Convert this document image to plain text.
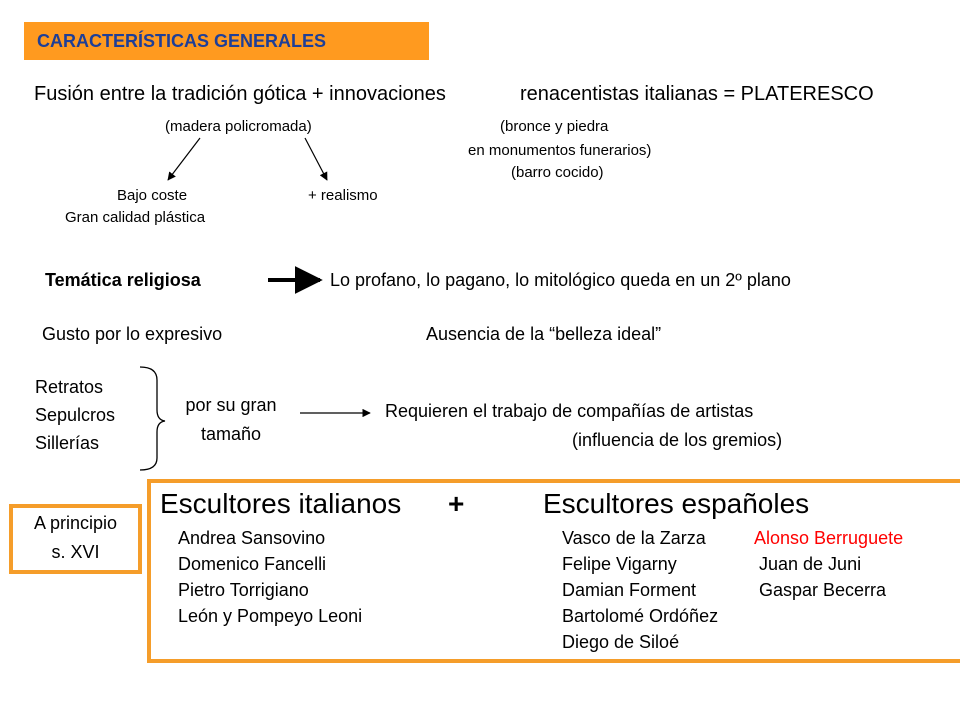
CARACTERÍSTICAS GENERALES
Fusión entre la tradición gótica + innovaciones	renacentistas italianas = PLATERESCO
(madera policromada)	(bronce y piedra
en monumentos funerarios)
(barro cocido)
Bajo coste
Gran calidad plástica
+ realismo
Temática religiosa	Lo profano, lo pagano, lo mitológico queda en un 2º plano
Gusto por lo expresivo	Ausencia de la “belleza ideal”
Retratos
Sepulcros
Sillerías
por su gran
tamaño
Requieren el trabajo de compañías de artistas
(influencia de los gremios)
A principio
s. XVI
Escultores italianos +	Escultores españoles
Andrea Sansovino
Domenico Fancelli
Pietro Torrigiano
León y Pompeyo Leoni
Vasco de la Zarza
Felipe Vigarny
Damian Forment
Bartolomé Ordóñez
Diego de Siloé
Alonso Berruguete
Juan de Juni
Gaspar Becerra
